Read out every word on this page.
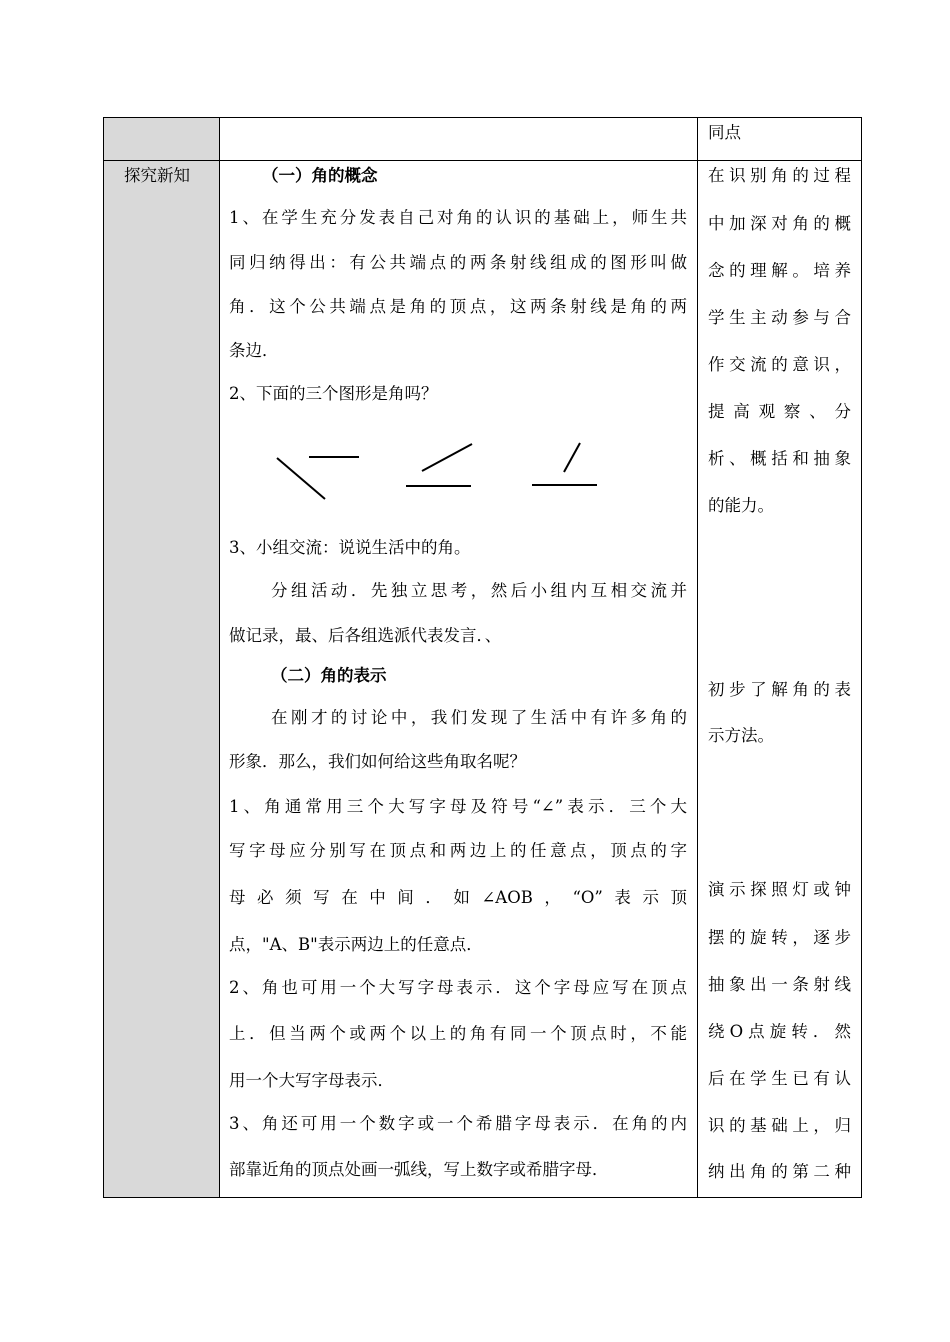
同点
探究新知	（一）角的概念
1、在学生充分发表自己对角的认识的基础上，师生共
同归纳得出：有公共端点的两条射线组成的图形叫做
角．这个公共端点是角的顶点，这两条射线是角的两
条边．
2、下面的三个图形是角吗？
3、小组交流：说说生活中的角。
分组活动．先独立思考，然后小组内互相交流并
做记录，最、后各组选派代表发言．、
（二）角的表示
在刚才的讨论中，我们发现了生活中有许多角的
形象．那么，我们如何给这些角取名呢？
1、角通常用三个大写字母及符号“∠”表示．三个大
写字母应分别写在顶点和两边上的任意点，顶点的字
母必须写在中间．如∠AOB，“O”表示顶
点，"A、B"表示两边上的任意点．
2、角也可用一个大写字母表示．这个字母应写在顶点
上．但当两个或两个以上的角有同一个顶点时，不能
用一个大写字母表示．
3、角还可用一个数字或一个希腊字母表示．在角的内
部靠近角的顶点处画一弧线，写上数字或希腊字母．
在识别角的过程
中加深对角的概
念的理解。培养
学生主动参与合
作交流的意识，
提高观察、分
析、概括和抽象
的能力。
初步了解角的表
示方法。
演示探照灯或钟
摆的旋转，逐步
抽象出一条射线
绕O点旋转．然
后在学生已有认
识的基础上，归
纳出角的第二种
